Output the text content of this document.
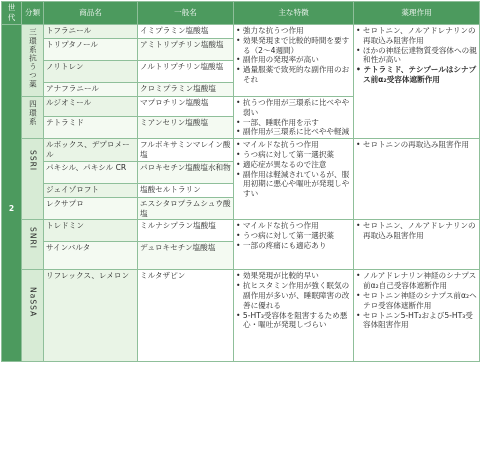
世代	分類	商品名	一般名	主な特徴	薬理作用

2	三環系抗うつ薬	トフラニール	イミプラミン塩酸塩	• 強力な抗うつ作用
• 効果発現まで比較的時間を要する（2～4週間）
• 副作用の発現率が高い
• 過量服薬で致死的な副作用のおそれ	• セロトニン、ノルアドレナリンの再取込み阻害作用
• ほかの神経伝達物質受容体への親和性が高い
• テトラミド、テシプールはシナプス前α₂受容体遮断作用

		トリプタノール	アミトリプチリン塩酸塩		
		ノリトレン	ノルトリプチリン塩酸塩		
		アナフラニール	クロミプラミン塩酸塩		
	四環系	ルジオミール	マプロチリン塩酸塩	• 抗うつ作用が三環系に比べやや弱い
• 一部、睡眠作用を示す
• 副作用が三環系に比べやや軽減

		テトラミド	ミアンセリン塩酸塩		
	SSRI	ルボックス、デプロメール	フルボキサミンマレイン酸塩	• マイルドな抗うつ作用
• うつ病に対して第一選択薬
• 適応症が異なるので注意
• 副作用は軽減されているが、服用初期に悪心や嘔吐が発現しやすい	• セロトニンの再取込み阻害作用

		パキシル、パキシル CR	パロキセチン塩酸塩水和物		
		ジェイゾロフト	塩酸セルトラリン		
		レクサプロ	エスシタロプラムシュウ酸塩		
	SNRI	トレドミン	ミルナシプラン塩酸塩	• マイルドな抗うつ作用
• うつ病に対して第一選択薬
• 一部の疼痛にも適応あり	• セロトニン、ノルアドレナリンの再取込み阻害作用

		サインバルタ	デュロキセチン塩酸塩		
	NaSSA	リフレックス、レメロン	ミルタザピン	• 効果発現が比較的早い
• 抗ヒスタミン作用が強く眠気の副作用が多いが、睡眠障害の改善に優れる
• 5-HT₃受容体を阻害するため悪心・嘔吐が発現しづらい	• ノルアドレナリン神経のシナプス前α₂自己受容体遮断作用
• セロトニン神経のシナプス前α₂ヘテロ受容体遮断作用
• セロトニン5-HT₂および5-HT₃受容体阻害作用
